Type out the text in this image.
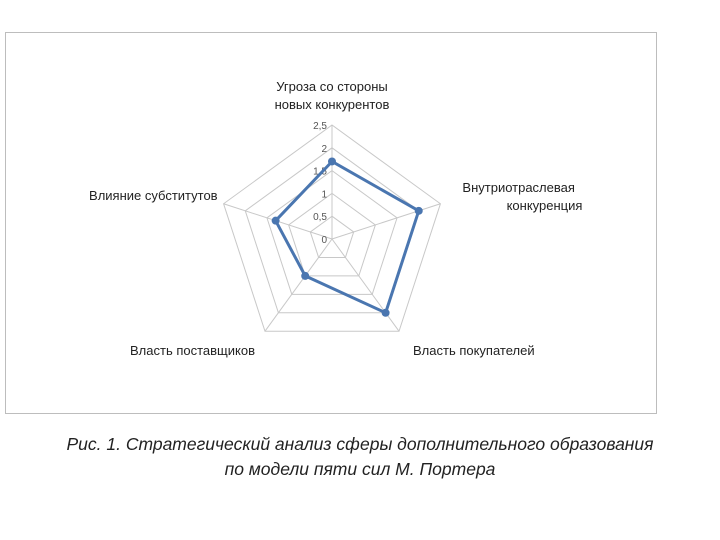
0
0,5
1
1,5
2
2,5
Угроза со стороны
новых конкурентов
Внутриотраслевая
конкуренция
Власть покупателей
Власть поставщиков
Влияние субститутов
Рис. 1. Стратегический анализ сферы дополнительного образования
по модели пяти сил М. Портера
